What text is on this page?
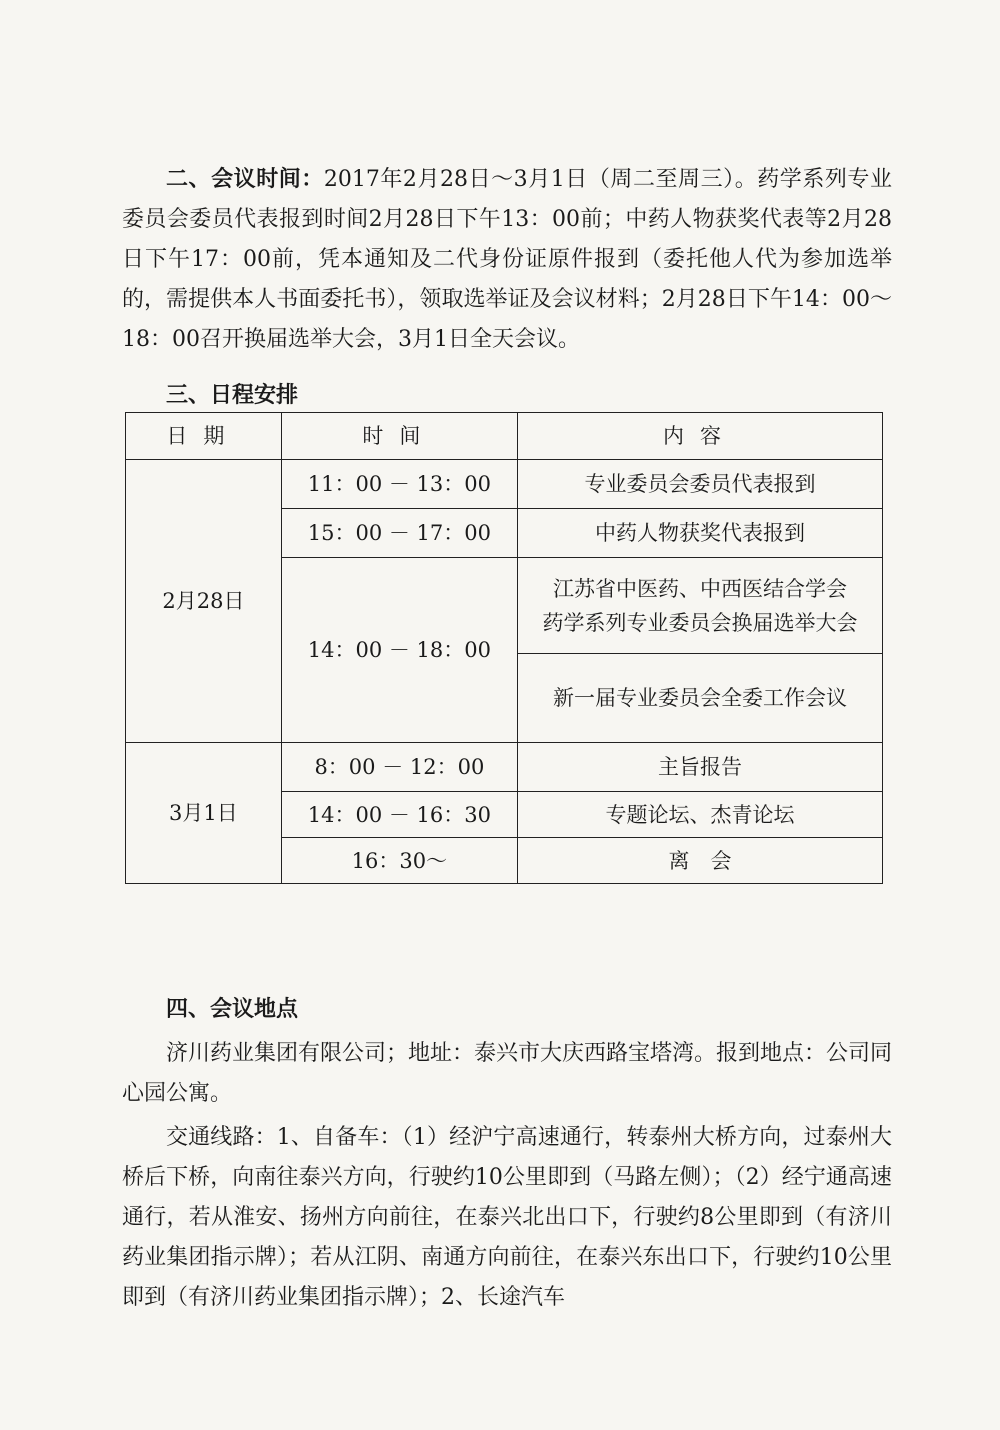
二、会议时间：2017年2月28日～3月1日（周二至周三）。药学系列专业委员会委员代表报到时间2月28日下午13：00前；中药人物获奖代表等2月28日下午17：00前，凭本通知及二代身份证原件报到（委托他人代为参加选举的，需提供本人书面委托书），领取选举证及会议材料；2月28日下午14：00～18：00召开换届选举大会，3月1日全天会议。

三、日程安排

日期	时间	内容
2月28日	11：00 － 13：00	专业委员会委员代表报到
	15：00 － 17：00	中药人物获奖代表报到
	14：00 － 18：00	江苏省中医药、中西医结合学会
药学系列专业委员会换届选举大会

		新一届专业委员会全委工作会议
3月1日	8：00 － 12：00	主旨报告
	14：00 － 16：30	专题论坛、杰青论坛
	16：30～	离　会

四、会议地点

济川药业集团有限公司；地址：泰兴市大庆西路宝塔湾。报到地点：公司同心园公寓。

交通线路：1、自备车：（1）经沪宁高速通行，转泰州大桥方向，过泰州大桥后下桥，向南往泰兴方向，行驶约10公里即到（马路左侧）；（2）经宁通高速通行，若从淮安、扬州方向前往，在泰兴北出口下，行驶约8公里即到（有济川药业集团指示牌）；若从江阴、南通方向前往，在泰兴东出口下，行驶约10公里即到（有济川药业集团指示牌）；2、长途汽车
